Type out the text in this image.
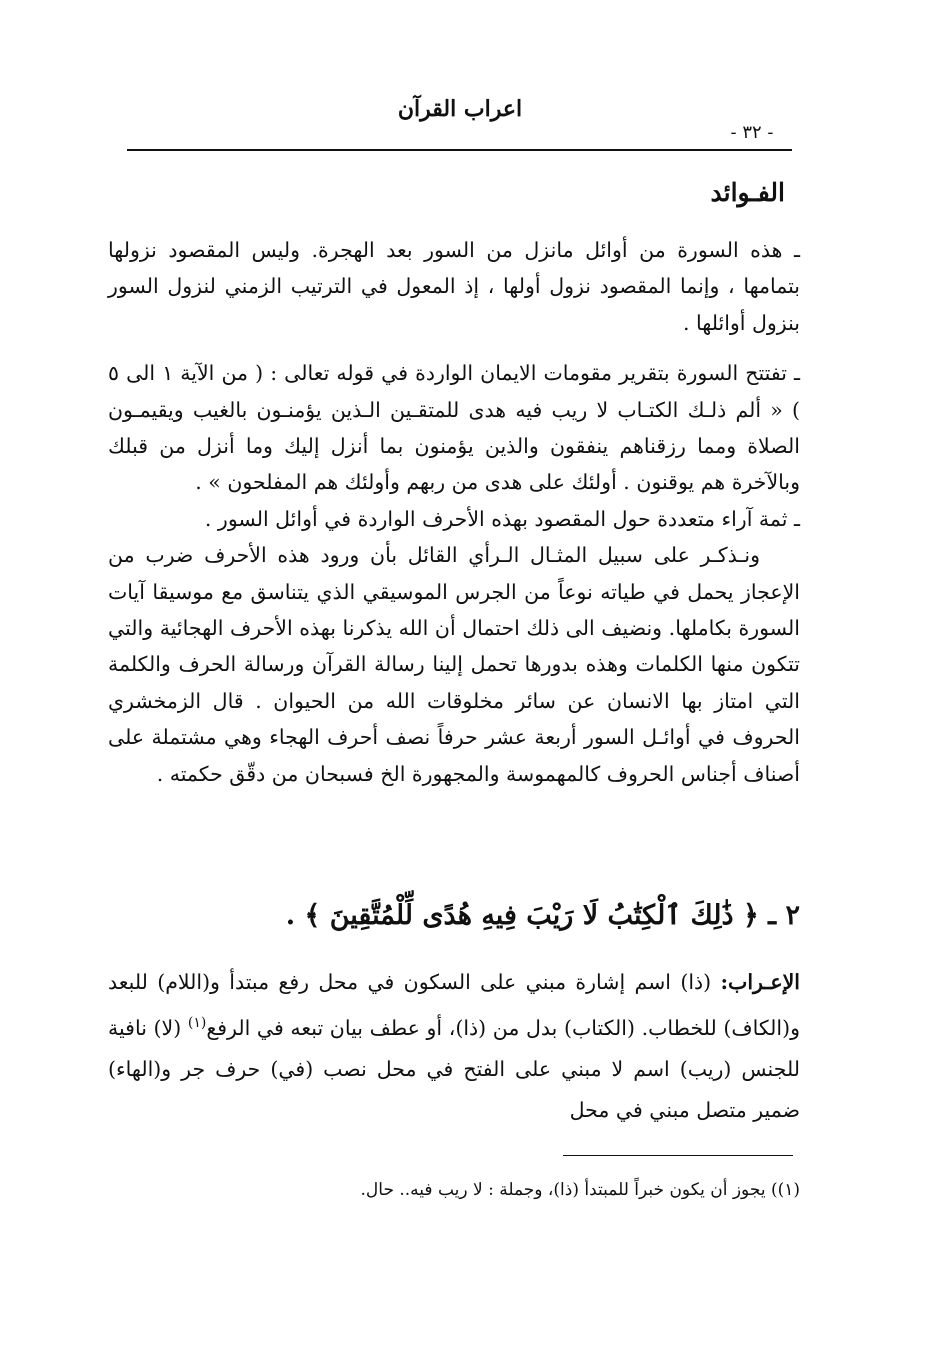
اعراب القرآن
- ٣٢ -
الفـوائد

ـ هذه السورة من أوائل مانزل من السور بعد الهجرة. وليس المقصود نزولها بتمامها ، وإنما المقصود نزول أولها ، إذ المعول في الترتيب الزمني لنزول السور بنزول أوائلها .

ـ تفتتح السورة بتقرير مقومات الايمان الواردة في قوله تعالى : ( من الآية ١ الى ٥ ) « ألم ذلـك الكتـاب لا ريب فيه هدى للمتقـين الـذين يؤمنـون بالغيب ويقيمـون الصلاة ومما رزقناهم ينفقون والذين يؤمنون بما أنزل إليك وما أنزل من قبلك وبالآخرة هم يوقنون . أولئك على هدى من ربهم وأولئك هم المفلحون » .

ـ ثمة آراء متعددة حول المقصود بهذه الأحرف الواردة في أوائل السور .

ونـذكـر على سبيل المثـال الـرأي القائل بأن ورود هذه الأحرف ضرب من الإعجاز يحمل في طياته نوعاً من الجرس الموسيقي الذي يتناسق مع موسيقا آيات السورة بكاملها. ونضيف الى ذلك احتمال أن الله يذكرنا بهذه الأحرف الهجائية والتي تتكون منها الكلمات وهذه بدورها تحمل إلينا رسالة القرآن ورسالة الحرف والكلمة التي امتاز بها الانسان عن سائر مخلوقات الله من الحيوان . قال الزمخشري الحروف في أوائـل السور أربعة عشر حرفاً نصف أحرف الهجاء وهي مشتملة على أصناف أجناس الحروف كالمهموسة والمجهورة الخ فسبحان من دقّق حكمته .

٢ ـ ﴿ ذَٰلِكَ ٱلْكِتَٰبُ لَا رَيْبَ فِيهِ هُدًى لِّلْمُتَّقِينَ ﴾ .

الإعـراب: (ذا) اسم إشارة مبني على السكون في محل رفع مبتدأ و(اللام) للبعد و(الكاف) للخطاب. (الكتاب) بدل من (ذا)، أو عطف بيان تبعه في الرفع$^{(١)}$ (لا) نافية للجنس (ريب) اسم لا مبني على الفتح في محل نصب (في) حرف جر و(الهاء) ضمير متصل مبني في محل

(١)) يجوز أن يكون خبراً للمبتدأ (ذا)، وجملة : لا ريب فيه.. حال.
